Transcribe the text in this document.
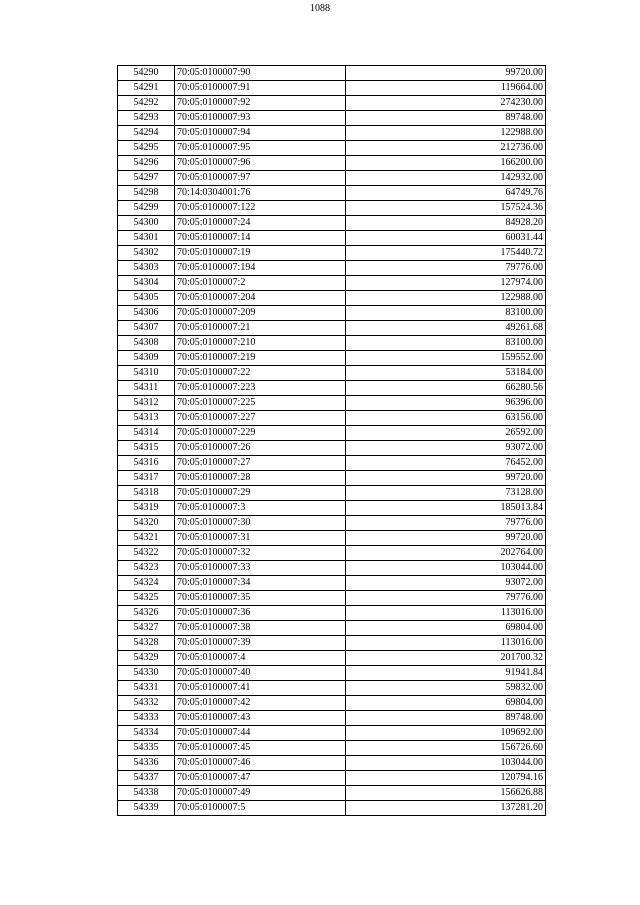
1088
54290	70:05:0100007:90	99720.00
54291	70:05:0100007:91	119664.00
54292	70:05:0100007:92	274230.00
54293	70:05:0100007:93	89748.00
54294	70:05:0100007:94	122988.00
54295	70:05:0100007:95	212736.00
54296	70:05:0100007:96	166200.00
54297	70:05:0100007:97	142932.00
54298	70:14:0304001:76	64749.76
54299	70:05:0100007:122	157524.36
54300	70:05:0100007:24	84928.20
54301	70:05:0100007:14	60031.44
54302	70:05:0100007:19	175440.72
54303	70:05:0100007:194	79776.00
54304	70:05:0100007:2	127974.00
54305	70:05:0100007:204	122988.00
54306	70:05:0100007:209	83100.00
54307	70:05:0100007:21	49261.68
54308	70:05:0100007:210	83100.00
54309	70:05:0100007:219	159552.00
54310	70:05:0100007:22	53184.00
54311	70:05:0100007:223	66280.56
54312	70:05:0100007:225	96396.00
54313	70:05:0100007:227	63156.00
54314	70:05:0100007:229	26592.00
54315	70:05:0100007:26	93072.00
54316	70:05:0100007:27	76452.00
54317	70:05:0100007:28	99720.00
54318	70:05:0100007:29	73128.00
54319	70:05:0100007:3	185013.84
54320	70:05:0100007:30	79776.00
54321	70:05:0100007:31	99720.00
54322	70:05:0100007:32	202764.00
54323	70:05:0100007:33	103044.00
54324	70:05:0100007:34	93072.00
54325	70:05:0100007:35	79776.00
54326	70:05:0100007:36	113016.00
54327	70:05:0100007:38	69804.00
54328	70:05:0100007:39	113016.00
54329	70:05:0100007:4	201700.32
54330	70:05:0100007:40	91941.84
54331	70:05:0100007:41	59832.00
54332	70:05:0100007:42	69804.00
54333	70:05:0100007:43	89748.00
54334	70:05:0100007:44	109692.00
54335	70:05:0100007:45	156726.60
54336	70:05:0100007:46	103044.00
54337	70:05:0100007:47	120794.16
54338	70:05:0100007:49	156626.88
54339	70:05:0100007:5	137281.20
